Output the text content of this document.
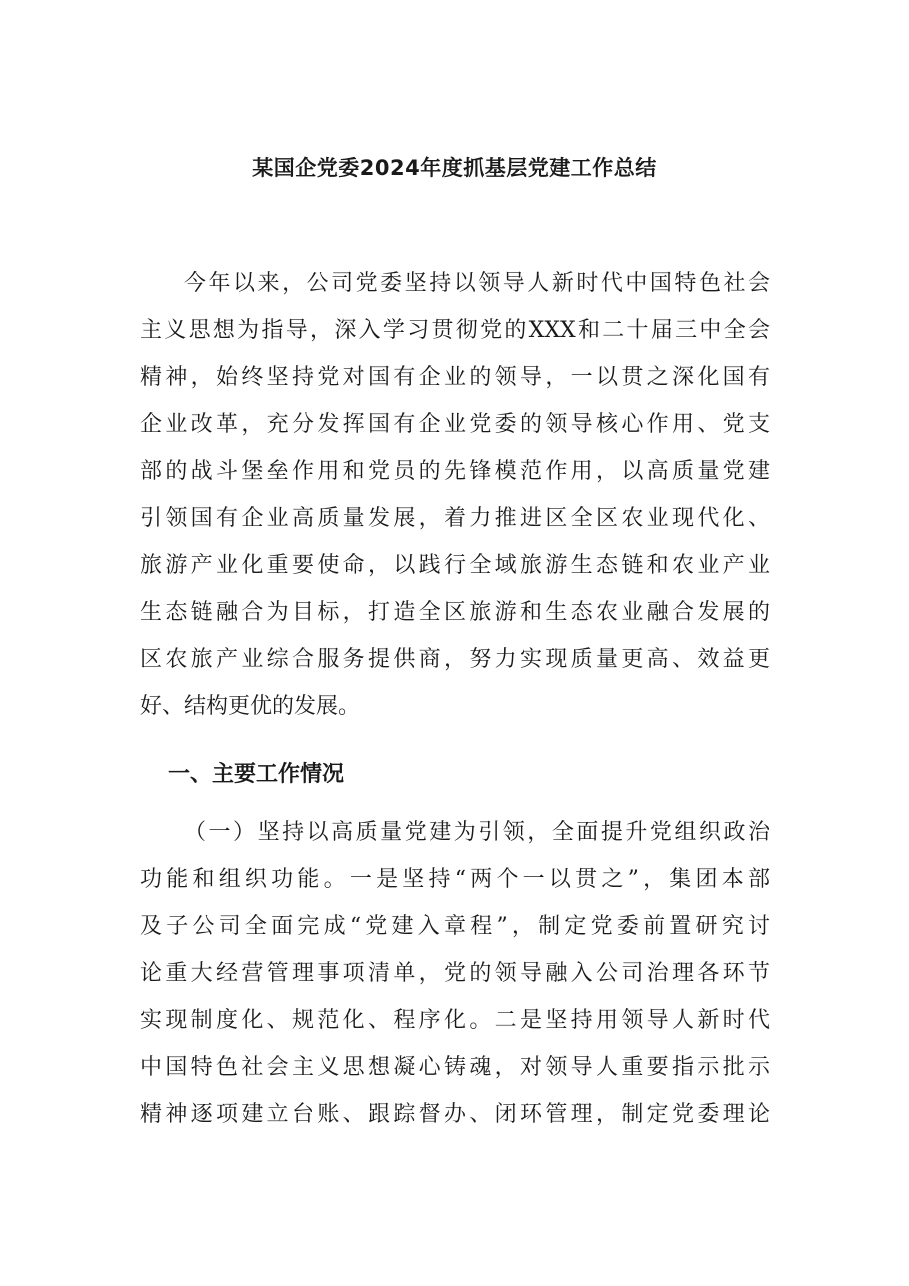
某国企党委2024年度抓基层党建工作总结
今年以来，公司党委坚持以领导人新时代中国特色社会
主义思想为指导，深入学习贯彻党的XXX和二十届三中全会
精神，始终坚持党对国有企业的领导，一以贯之深化国有
企业改革，充分发挥国有企业党委的领导核心作用、党支
部的战斗堡垒作用和党员的先锋模范作用，以高质量党建
引领国有企业高质量发展，着力推进区全区农业现代化、
旅游产业化重要使命，以践行全域旅游生态链和农业产业
生态链融合为目标，打造全区旅游和生态农业融合发展的
区农旅产业综合服务提供商，努力实现质量更高、效益更
好、结构更优的发展。
一、主要工作情况
（一）坚持以高质量党建为引领，全面提升党组织政治
功能和组织功能。一是坚持“两个一以贯之”，集团本部
及子公司全面完成“党建入章程”，制定党委前置研究讨
论重大经营管理事项清单，党的领导融入公司治理各环节
实现制度化、规范化、程序化。二是坚持用领导人新时代
中国特色社会主义思想凝心铸魂，对领导人重要指示批示
精神逐项建立台账、跟踪督办、闭环管理，制定党委理论
